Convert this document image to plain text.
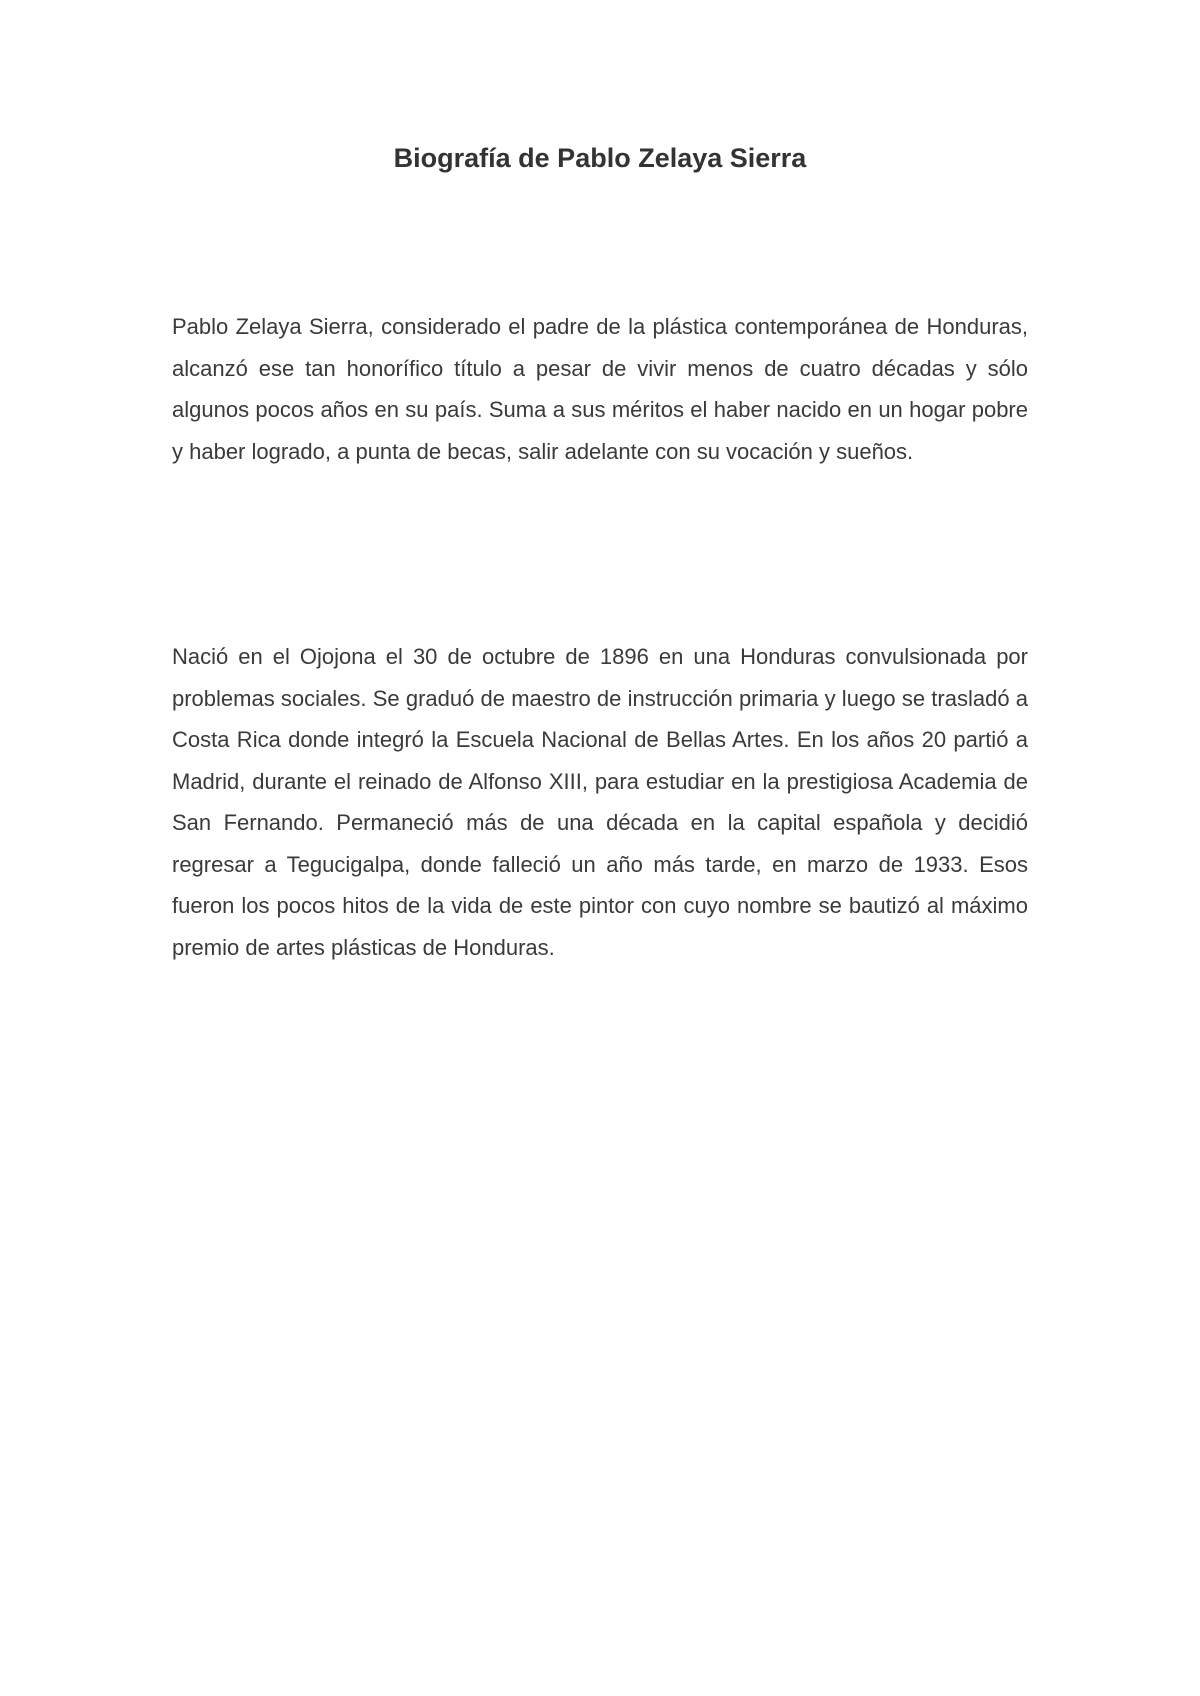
Biografía de Pablo Zelaya Sierra

Pablo Zelaya Sierra, considerado el padre de la plástica contemporánea de Honduras, alcanzó ese tan honorífico título a pesar de vivir menos de cuatro décadas y sólo algunos pocos años en su país. Suma a sus méritos el haber nacido en un hogar pobre y haber logrado, a punta de becas, salir adelante con su vocación y sueños.

Nació en el Ojojona el 30 de octubre de 1896 en una Honduras convulsionada por problemas sociales. Se graduó de maestro de instrucción primaria y luego se trasladó a Costa Rica donde integró la Escuela Nacional de Bellas Artes. En los años 20 partió a Madrid, durante el reinado de Alfonso XIII, para estudiar en la prestigiosa Academia de San Fernando. Permaneció más de una década en la capital española y decidió regresar a Tegucigalpa, donde falleció un año más tarde, en marzo de 1933. Esos fueron los pocos hitos de la vida de este pintor con cuyo nombre se bautizó al máximo premio de artes plásticas de Honduras.
